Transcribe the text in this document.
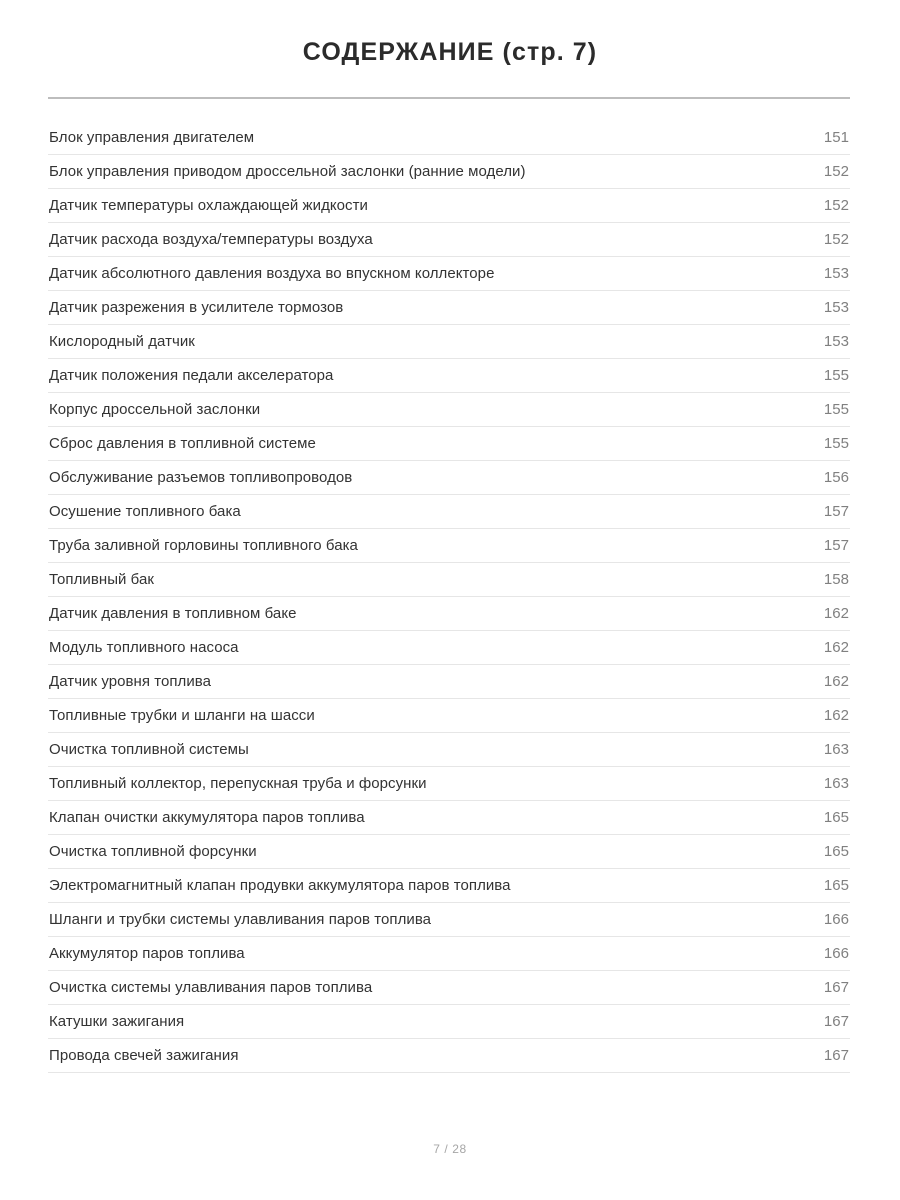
СОДЕРЖАНИЕ (стр. 7)
Блок управления двигателем	151
Блок управления приводом дроссельной заслонки (ранние модели)	152
Датчик температуры охлаждающей жидкости	152
Датчик расхода воздуха/температуры воздуха	152
Датчик абсолютного давления воздуха во впускном коллекторе	153
Датчик разрежения в усилителе тормозов	153
Кислородный датчик	153
Датчик положения педали акселератора	155
Корпус дроссельной заслонки	155
Сброс давления в топливной системе	155
Обслуживание разъемов топливопроводов	156
Осушение топливного бака	157
Труба заливной горловины топливного бака	157
Топливный бак	158
Датчик давления в топливном баке	162
Модуль топливного насоса	162
Датчик уровня топлива	162
Топливные трубки и шланги на шасси	162
Очистка топливной системы	163
Топливный коллектор, перепускная труба и форсунки	163
Клапан очистки аккумулятора паров топлива	165
Очистка топливной форсунки	165
Электромагнитный клапан продувки аккумулятора паров топлива	165
Шланги и трубки системы улавливания паров топлива	166
Аккумулятор паров топлива	166
Очистка системы улавливания паров топлива	167
Катушки зажигания	167
Провода свечей зажигания	167
7 / 28
